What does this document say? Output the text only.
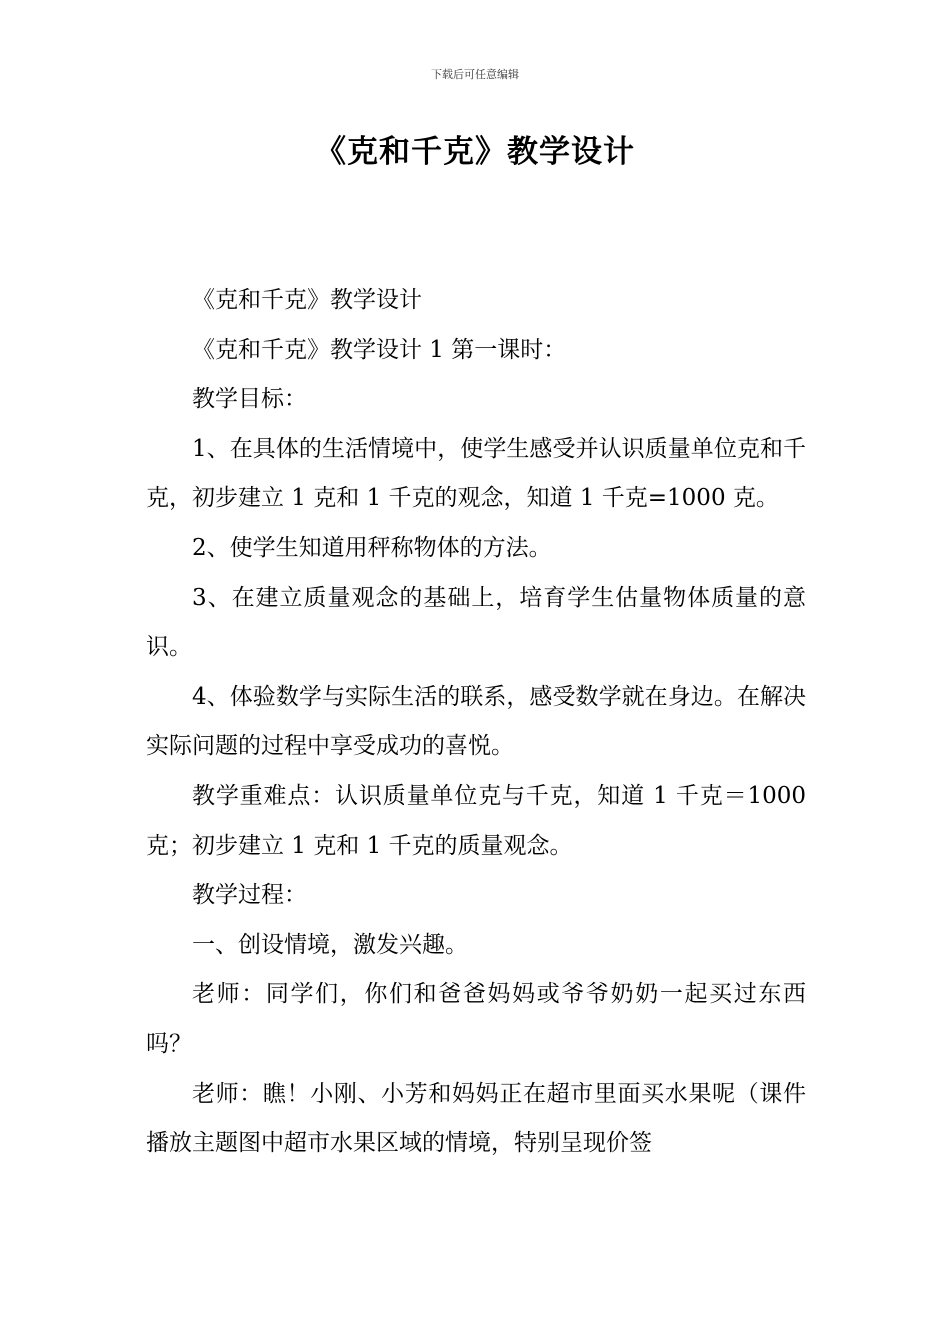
下载后可任意编辑
《克和千克》教学设计

《克和千克》教学设计

《克和千克》教学设计 1 第一课时：

教学目标：

1、在具体的生活情境中，使学生感受并认识质量单位克和千克，初步建立 1 克和 1 千克的观念，知道 1 千克=1000 克。

2、使学生知道用秤称物体的方法。

3、在建立质量观念的基础上，培育学生估量物体质量的意识。

4、体验数学与实际生活的联系，感受数学就在身边。在解决实际问题的过程中享受成功的喜悦。

教学重难点：认识质量单位克与千克，知道 1 千克＝1000 克；初步建立 1 克和 1 千克的质量观念。

教学过程：

一、创设情境，激发兴趣。

老师：同学们，你们和爸爸妈妈或爷爷奶奶一起买过东西吗？

老师：瞧！小刚、小芳和妈妈正在超市里面买水果呢（课件播放主题图中超市水果区域的情境，特别呈现价签
